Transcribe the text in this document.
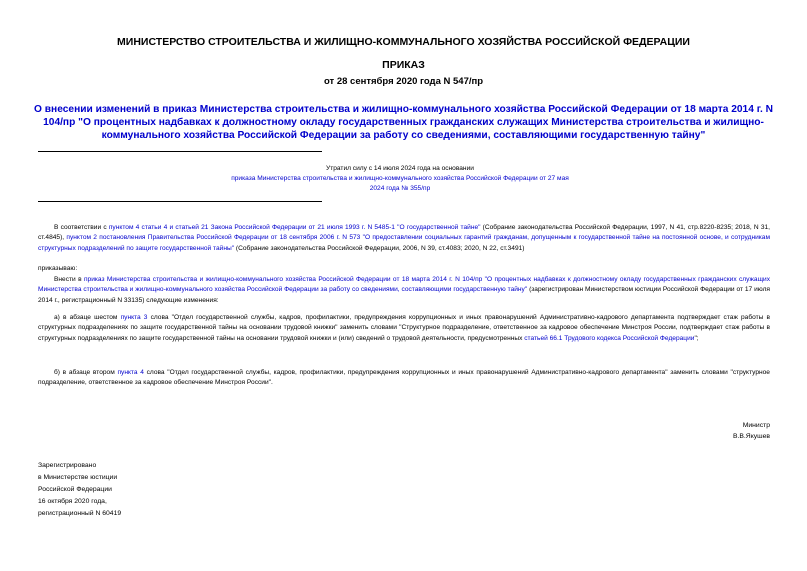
МИНИСТЕРСТВО СТРОИТЕЛЬСТВА И ЖИЛИЩНО-КОММУНАЛЬНОГО ХОЗЯЙСТВА РОССИЙСКОЙ ФЕДЕРАЦИИ
ПРИКАЗ
от 28 сентября 2020 года N 547/пр
О внесении изменений в приказ Министерства строительства и жилищно-коммунального хозяйства Российской Федерации от 18 марта 2014 г. N 104/пр "О процентных надбавках к должностному окладу государственных гражданских служащих Министерства строительства и жилищно-коммунального хозяйства Российской Федерации за работу со сведениями, составляющими государственную тайну"
Утратил силу с 14 июля 2024 года на основании
приказа Министерства строительства и жилищно-коммунального хозяйства Российской Федерации от 27 мая 2024 года № 355/пр
В соответствии с пунктом 4 статьи 4 и статьей 21 Закона Российской Федерации от 21 июля 1993 г. N 5485-1 "О государственной тайне" (Собрание законодательства Российской Федерации, 1997, N 41, стр.8220-8235; 2018, N 31, ст.4845), пунктом 2 постановления Правительства Российской Федерации от 18 сентября 2006 г. N 573 "О предоставлении социальных гарантий гражданам, допущенным к государственной тайне на постоянной основе, и сотрудникам структурных подразделений по защите государственной тайны" (Собрание законодательства Российской Федерации, 2006, N 39, ст.4083; 2020, N 22, ст.3491)
приказываю:
Внести в приказ Министерства строительства и жилищно-коммунального хозяйства Российской Федерации от 18 марта 2014 г. N 104/пр "О процентных надбавках к должностному окладу государственных гражданских служащих Министерства строительства и жилищно-коммунального хозяйства Российской Федерации за работу со сведениями, составляющими государственную тайну" (зарегистрирован Министерством юстиции Российской Федерации от 17 июля 2014 г., регистрационный N 33135) следующие изменения:
а) в абзаце шестом пункта 3 слова "Отдел государственной службы, кадров, профилактики, предупреждения коррупционных и иных правонарушений Административно-кадрового департамента подтверждает стаж работы в структурных подразделениях по защите государственной тайны на основании трудовой книжки" заменить словами "Структурное подразделение, ответственное за кадровое обеспечение Минстроя России, подтверждает стаж работы в структурных подразделениях по защите государственной тайны на основании трудовой книжки и (или) сведений о трудовой деятельности, предусмотренных статьей 66.1 Трудового кодекса Российской Федерации";
б) в абзаце втором пункта 4 слова "Отдел государственной службы, кадров, профилактики, предупреждения коррупционных и иных правонарушений Административно-кадрового департамента" заменить словами "структурное подразделение, ответственное за кадровое обеспечение Минстроя России".
Министр
В.В.Якушев
Зарегистрировано
в Министерстве юстиции
Российской Федерации
16 октября 2020 года,
регистрационный N 60419
